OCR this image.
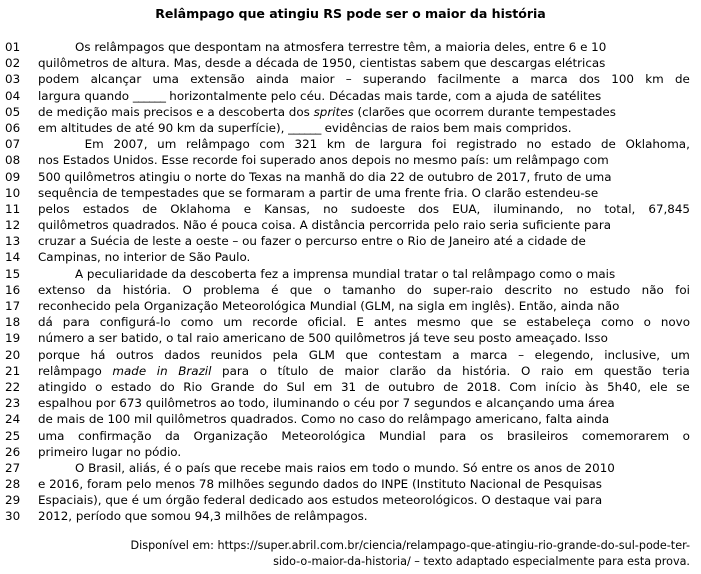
Relâmpago que atingiu RS pode ser o maior da história
01	Os relâmpagos que despontam na atmosfera terrestre têm, a maioria deles, entre 6 e 10
02	quilômetros de altura. Mas, desde a década de 1950, cientistas sabem que descargas elétricas
03	podem alcançar uma extensão ainda maior – superando facilmente a marca dos 100 km de
04	largura quando ______ horizontalmente pelo céu. Décadas mais tarde, com a ajuda de satélites
05	de medição mais precisos e a descoberta dos sprites (clarões que ocorrem durante tempestades
06	em altitudes de até 90 km da superfície), ______ evidências de raios bem mais compridos.
07	Em 2007, um relâmpago com 321 km de largura foi registrado no estado de Oklahoma,
08	nos Estados Unidos. Esse recorde foi superado anos depois no mesmo país: um relâmpago com
09	500 quilômetros atingiu o norte do Texas na manhã do dia 22 de outubro de 2017, fruto de uma
10	sequência de tempestades que se formaram a partir de uma frente fria. O clarão estendeu-se
11	pelos estados de Oklahoma e Kansas, no sudoeste dos EUA, iluminando, no total, 67,845
12	quilômetros quadrados. Não é pouca coisa. A distância percorrida pelo raio seria suficiente para
13	cruzar a Suécia de leste a oeste – ou fazer o percurso entre o Rio de Janeiro até a cidade de
14	Campinas, no interior de São Paulo.
15	A peculiaridade da descoberta fez a imprensa mundial tratar o tal relâmpago como o mais
16	extenso da história. O problema é que o tamanho do super-raio descrito no estudo não foi
17	reconhecido pela Organização Meteorológica Mundial (GLM, na sigla em inglês). Então, ainda não
18	dá para configurá-lo como um recorde oficial. E antes mesmo que se estabeleça como o novo
19	número a ser batido, o tal raio americano de 500 quilômetros já teve seu posto ameaçado. Isso
20	porque há outros dados reunidos pela GLM que contestam a marca – elegendo, inclusive, um
21	relâmpago made in Brazil para o título de maior clarão da história. O raio em questão teria
22	atingido o estado do Rio Grande do Sul em 31 de outubro de 2018. Com início às 5h40, ele se
23	espalhou por 673 quilômetros ao todo, iluminando o céu por 7 segundos e alcançando uma área
24	de mais de 100 mil quilômetros quadrados. Como no caso do relâmpago americano, falta ainda
25	uma confirmação da Organização Meteorológica Mundial para os brasileiros comemorarem o
26	primeiro lugar no pódio.
27	O Brasil, aliás, é o país que recebe mais raios em todo o mundo. Só entre os anos de 2010
28	e 2016, foram pelo menos 78 milhões segundo dados do INPE (Instituto Nacional de Pesquisas
29	Espaciais), que é um órgão federal dedicado aos estudos meteorológicos. O destaque vai para
30	2012, período que somou 94,3 milhões de relâmpagos.
Disponível em: https://super.abril.com.br/ciencia/relampago-que-atingiu-rio-grande-do-sul-pode-ter-
sido-o-maior-da-historia/ – texto adaptado especialmente para esta prova.
